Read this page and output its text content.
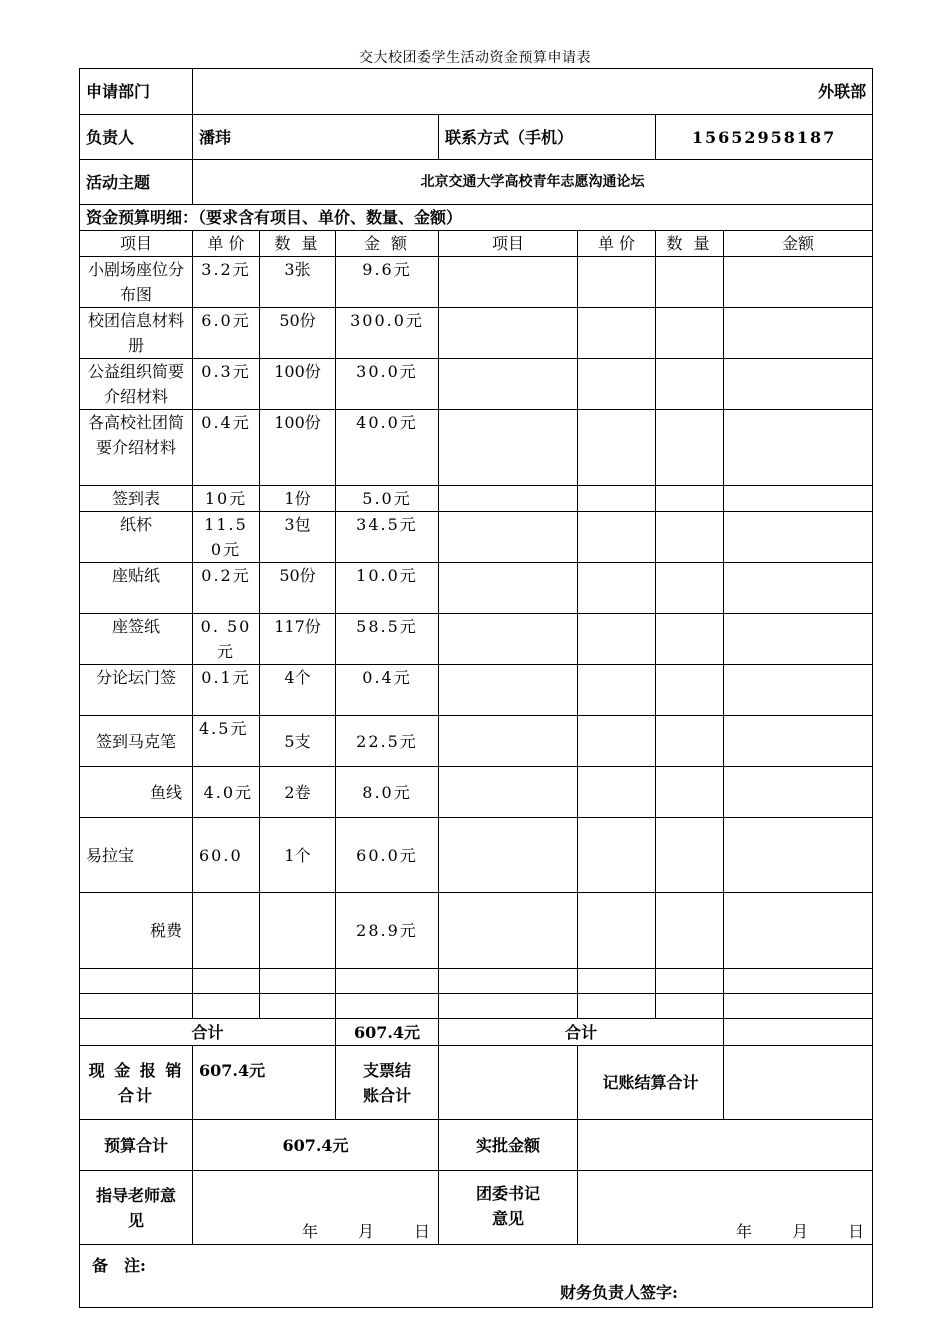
交大校团委学生活动资金预算申请表
申请部门	外联部						
负责人	潘玮			联系方式（手机）		15652958187	
活动主题	北京交通大学高校青年志愿沟通论坛						
资金预算明细：（要求含有项目、单价、数量、金额）							
项目	单 价	数 量	金 额	项目	单 价	数 量	金额
小剧场座位分布图	3.2元	3张	9.6元				
校团信息材料册	6.0元	50份	300.0元				
公益组织简要介绍材料	0.3元	100份	30.0元				
各高校社团简要介绍材料	0.4元	100份	40.0元				
签到表	10元	1份	5.0元				
纸杯	11.50元	3包	34.5元				
座贴纸	0.2元	50份	10.0元				
座签纸	0. 50元	117份	58.5元				
分论坛门签	0.1元	4个	0.4元				
签到马克笔	4.5元	5支	22.5元				
鱼线	4.0元	2卷	8.0元				
易拉宝	60.0	1个	60.0元				
税费			28.9元				

合计			607.4元	合计			
现 金 报 销
合计	607.4元		支票结账合计		记账结算合计		
预算合计	607.4元			实批金额			
指导老师意见	年 月 日			团委书记意见	年 月 日		

备　注:
财务负责人签字:							
